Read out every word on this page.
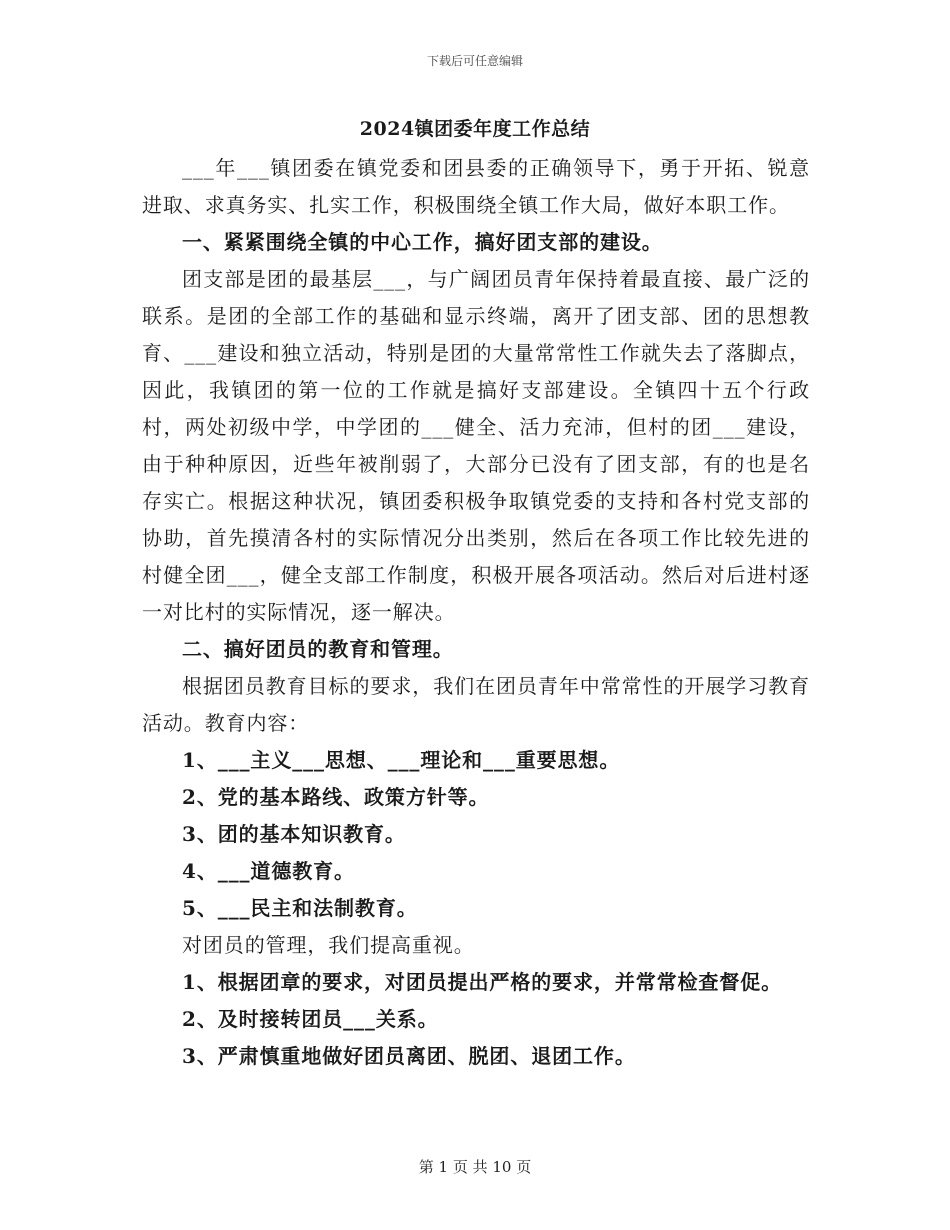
下载后可任意编辑
2024镇团委年度工作总结

___年___镇团委在镇党委和团县委的正确领导下，勇于开拓、锐意进取、求真务实、扎实工作，积极围绕全镇工作大局，做好本职工作。

一、紧紧围绕全镇的中心工作，搞好团支部的建设。

团支部是团的最基层___，与广阔团员青年保持着最直接、最广泛的联系。是团的全部工作的基础和显示终端，离开了团支部、团的思想教育、___建设和独立活动，特别是团的大量常常性工作就失去了落脚点，因此，我镇团的第一位的工作就是搞好支部建设。全镇四十五个行政村，两处初级中学，中学团的___健全、活力充沛，但村的团___建设，由于种种原因，近些年被削弱了，大部分已没有了团支部，有的也是名存实亡。根据这种状况，镇团委积极争取镇党委的支持和各村党支部的协助，首先摸清各村的实际情况分出类别，然后在各项工作比较先进的村健全团___，健全支部工作制度，积极开展各项活动。然后对后进村逐一对比村的实际情况，逐一解决。

二、搞好团员的教育和管理。

根据团员教育目标的要求，我们在团员青年中常常性的开展学习教育活动。教育内容：

1、___主义___思想、___理论和___重要思想。

2、党的基本路线、政策方针等。

3、团的基本知识教育。

4、___道德教育。

5、___民主和法制教育。

对团员的管理，我们提高重视。

1、根据团章的要求，对团员提出严格的要求，并常常检查督促。

2、及时接转团员___关系。

3、严肃慎重地做好团员离团、脱团、退团工作。

第 1 页 共 10 页
